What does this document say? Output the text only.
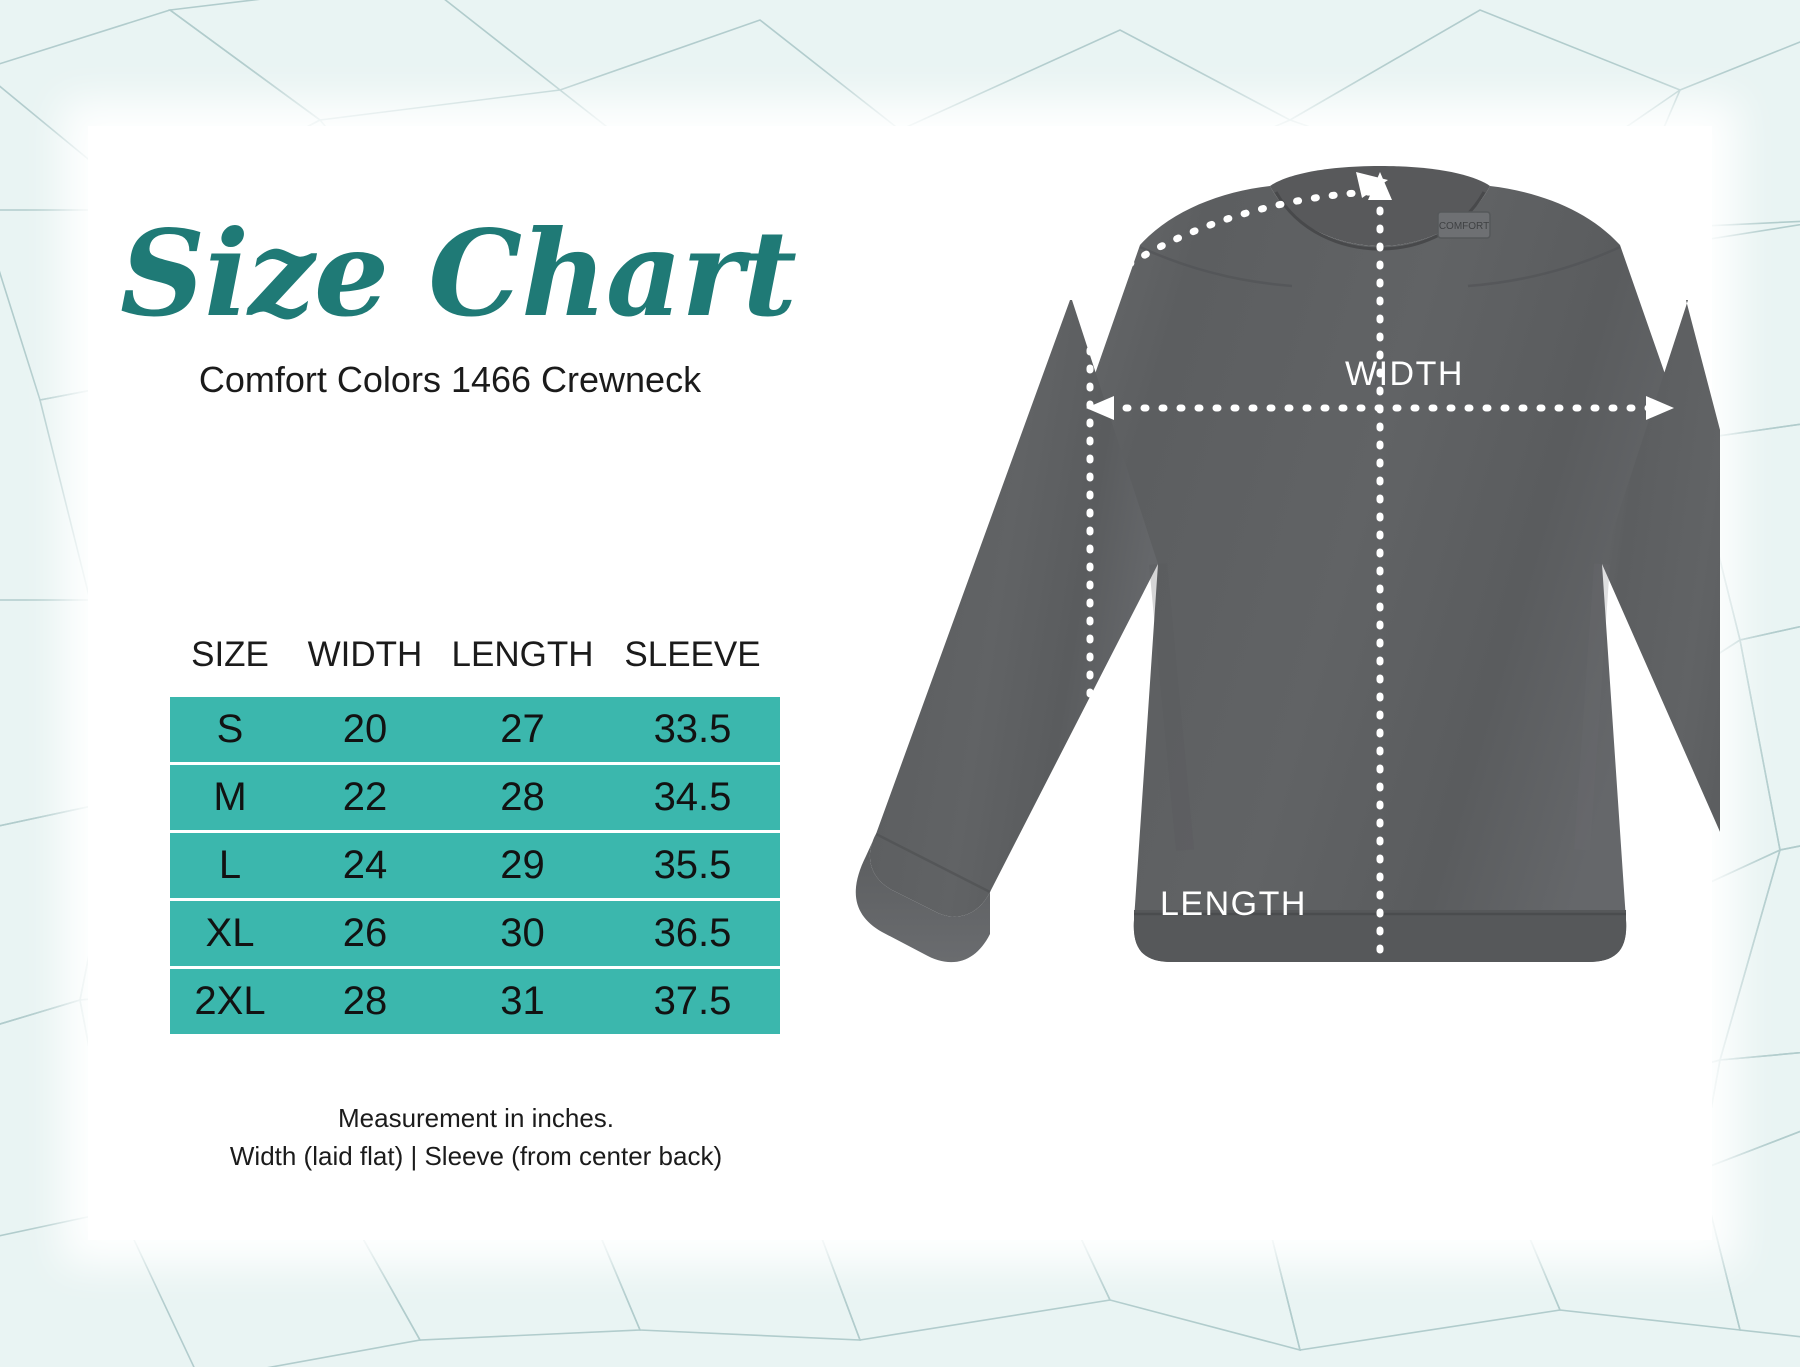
Size Chart
Comfort Colors 1466 Crewneck
SIZE	WIDTH	LENGTH	SLEEVE
S	20	27	33.5
M	22	28	34.5
L	24	29	35.5
XL	26	30	36.5
2XL	28	31	37.5
Measurement in inches.
Width (laid flat) | Sleeve (from center back)
COMFORT
WIDTH
LENGTH
SLEEVE
